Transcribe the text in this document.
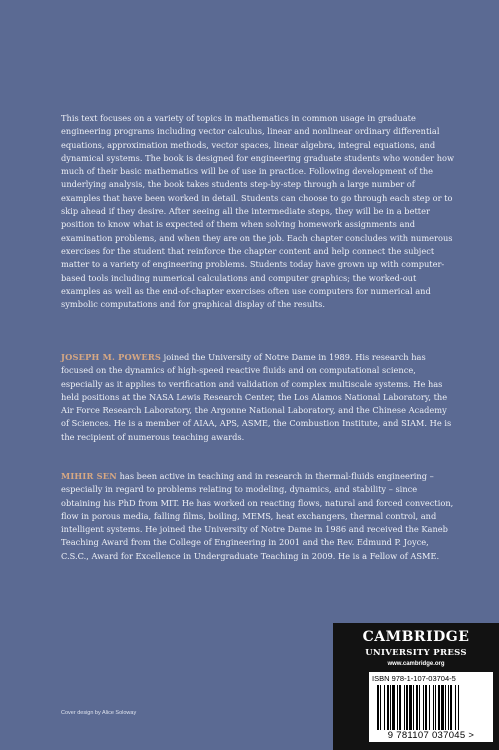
This text focuses on a variety of topics in mathematics in common usage in graduate engineering programs including vector calculus, linear and nonlinear ordinary differential equations, approximation methods, vector spaces, linear algebra, integral equations, and dynamical systems. The book is designed for engineering graduate students who wonder how much of their basic mathematics will be of use in practice. Following development of the underlying analysis, the book takes students step-by-step through a large number of examples that have been worked in detail. Students can choose to go through each step or to skip ahead if they desire. After seeing all the intermediate steps, they will be in a better position to know what is expected of them when solving homework assignments and examination problems, and when they are on the job. Each chapter concludes with numerous exercises for the student that reinforce the chapter content and help connect the subject matter to a variety of engineering problems. Students today have grown up with computer-based tools including numerical calculations and computer graphics; the worked-out examples as well as the end-of-chapter exercises often use computers for numerical and symbolic computations and for graphical display of the results.

JOSEPH M. POWERS joined the University of Notre Dame in 1989. His research has focused on the dynamics of high-speed reactive fluids and on computational science, especially as it applies to verification and validation of complex multiscale systems. He has held positions at the NASA Lewis Research Center, the Los Alamos National Laboratory, the Air Force Research Laboratory, the Argonne National Laboratory, and the Chinese Academy of Sciences. He is a member of AIAA, APS, ASME, the Combustion Institute, and SIAM. He is the recipient of numerous teaching awards.

MIHIR SEN has been active in teaching and in research in thermal-fluids engineering – especially in regard to problems relating to modeling, dynamics, and stability – since obtaining his PhD from MIT. He has worked on reacting flows, natural and forced convection, flow in porous media, falling films, boiling, MEMS, heat exchangers, thermal control, and intelligent systems. He joined the University of Notre Dame in 1986 and received the Kaneb Teaching Award from the College of Engineering in 2001 and the Rev. Edmund P. Joyce, C.S.C., Award for Excellence in Undergraduate Teaching in 2009. He is a Fellow of ASME.

Cover design by Alice Soloway
CAMBRIDGE
UNIVERSITY PRESS
www.cambridge.org
ISBN 978-1-107-03704-5
9 781107 037045 >
